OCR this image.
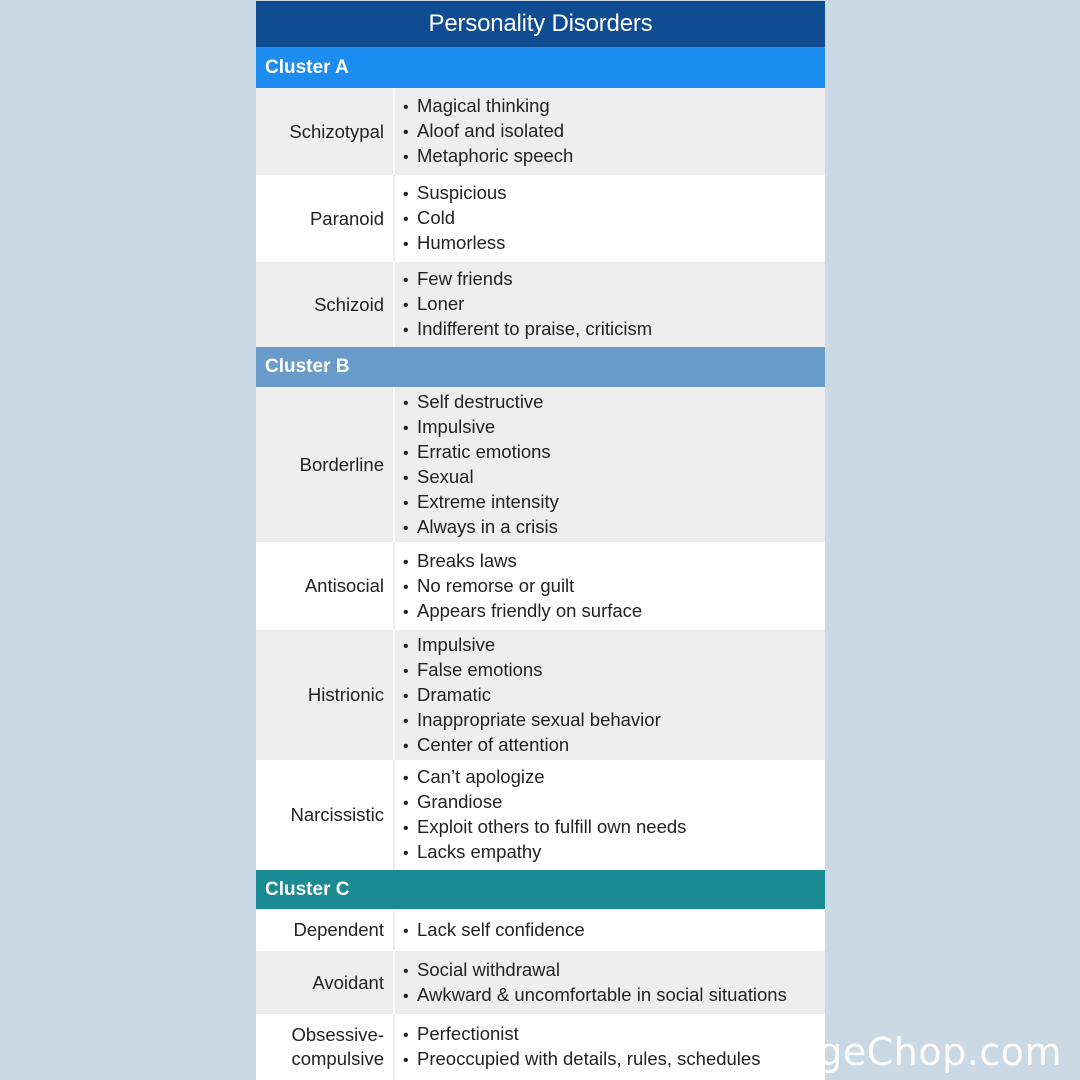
Personality Disorders
Cluster A
Schizotypal
• Magical thinking
• Aloof and isolated
• Metaphoric speech
Paranoid
• Suspicious
• Cold
• Humorless
Schizoid
• Few friends
• Loner
• Indifferent to praise, criticism
Cluster B
Borderline
• Self destructive
• Impulsive
• Erratic emotions
• Sexual
• Extreme intensity
• Always in a crisis
Antisocial
• Breaks laws
• No remorse or guilt
• Appears friendly on surface
Histrionic
• Impulsive
• False emotions
• Dramatic
• Inappropriate sexual behavior
• Center of attention
Narcissistic
• Can’t apologize
• Grandiose
• Exploit others to fulfill own needs
• Lacks empathy
Cluster C
Dependent	• Lack self confidence
Avoidant
• Social withdrawal
• Awkward & uncomfortable in social situations
Obsessive-compulsive
• Perfectionist
• Preoccupied with details, rules, schedules dgeChop.com
